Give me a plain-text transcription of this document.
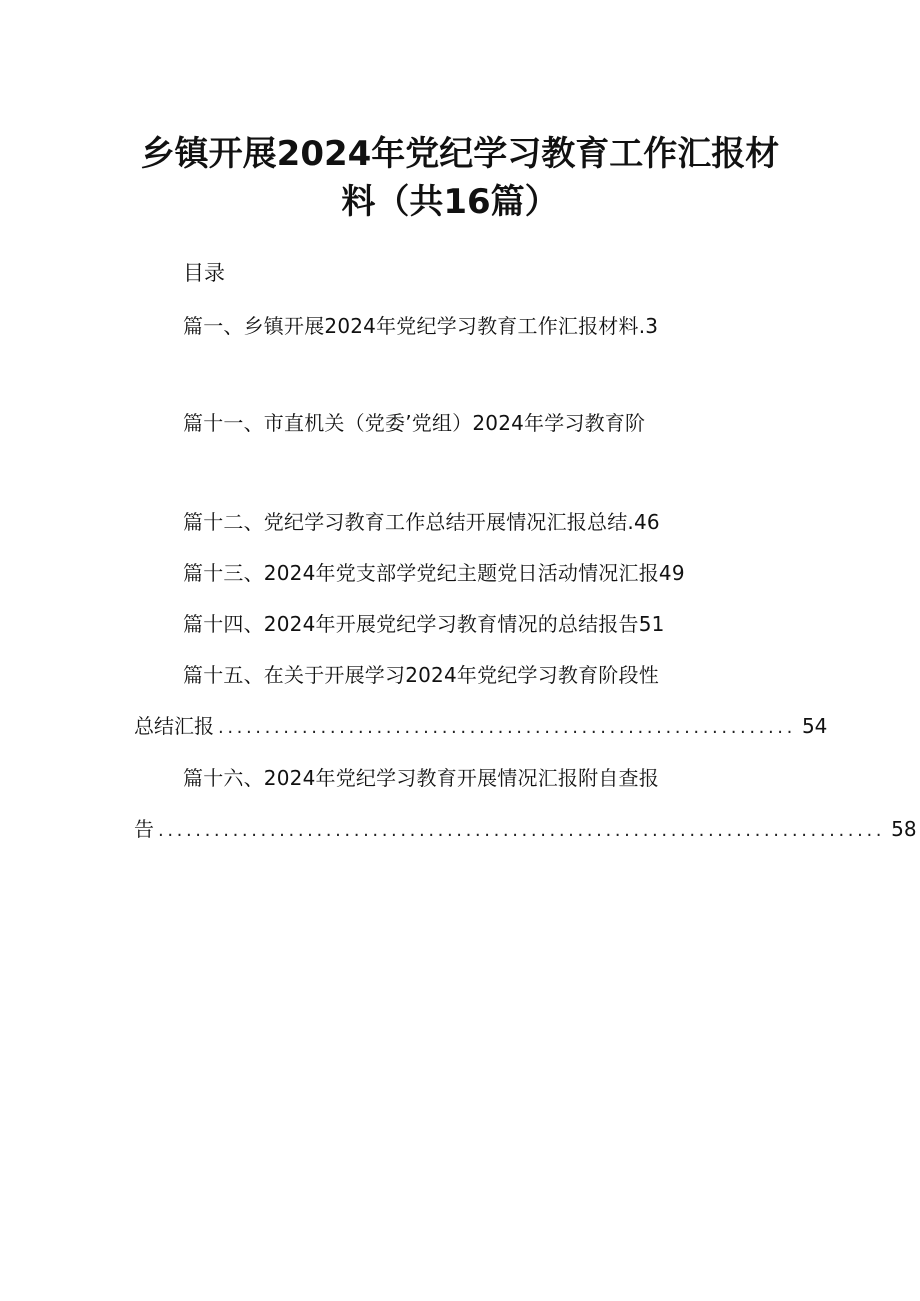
乡镇开展2024年党纪学习教育工作汇报材
料（共16篇）
目录
篇一、乡镇开展2024年党纪学习教育工作汇报材料.3
篇十一、市直机关（党委’党组）2024年学习教育阶
篇十二、党纪学习教育工作总结开展情况汇报总结.46
篇十三、2024年党支部学党纪主题党日活动情况汇报49
篇十四、2024年开展党纪学习教育情况的总结报告51
篇十五、在关于开展学习2024年党纪学习教育阶段性
总结汇报 .............................................................. 54
篇十六、2024年党纪学习教育开展情况汇报附自查报
告 .............................................................................. 58
